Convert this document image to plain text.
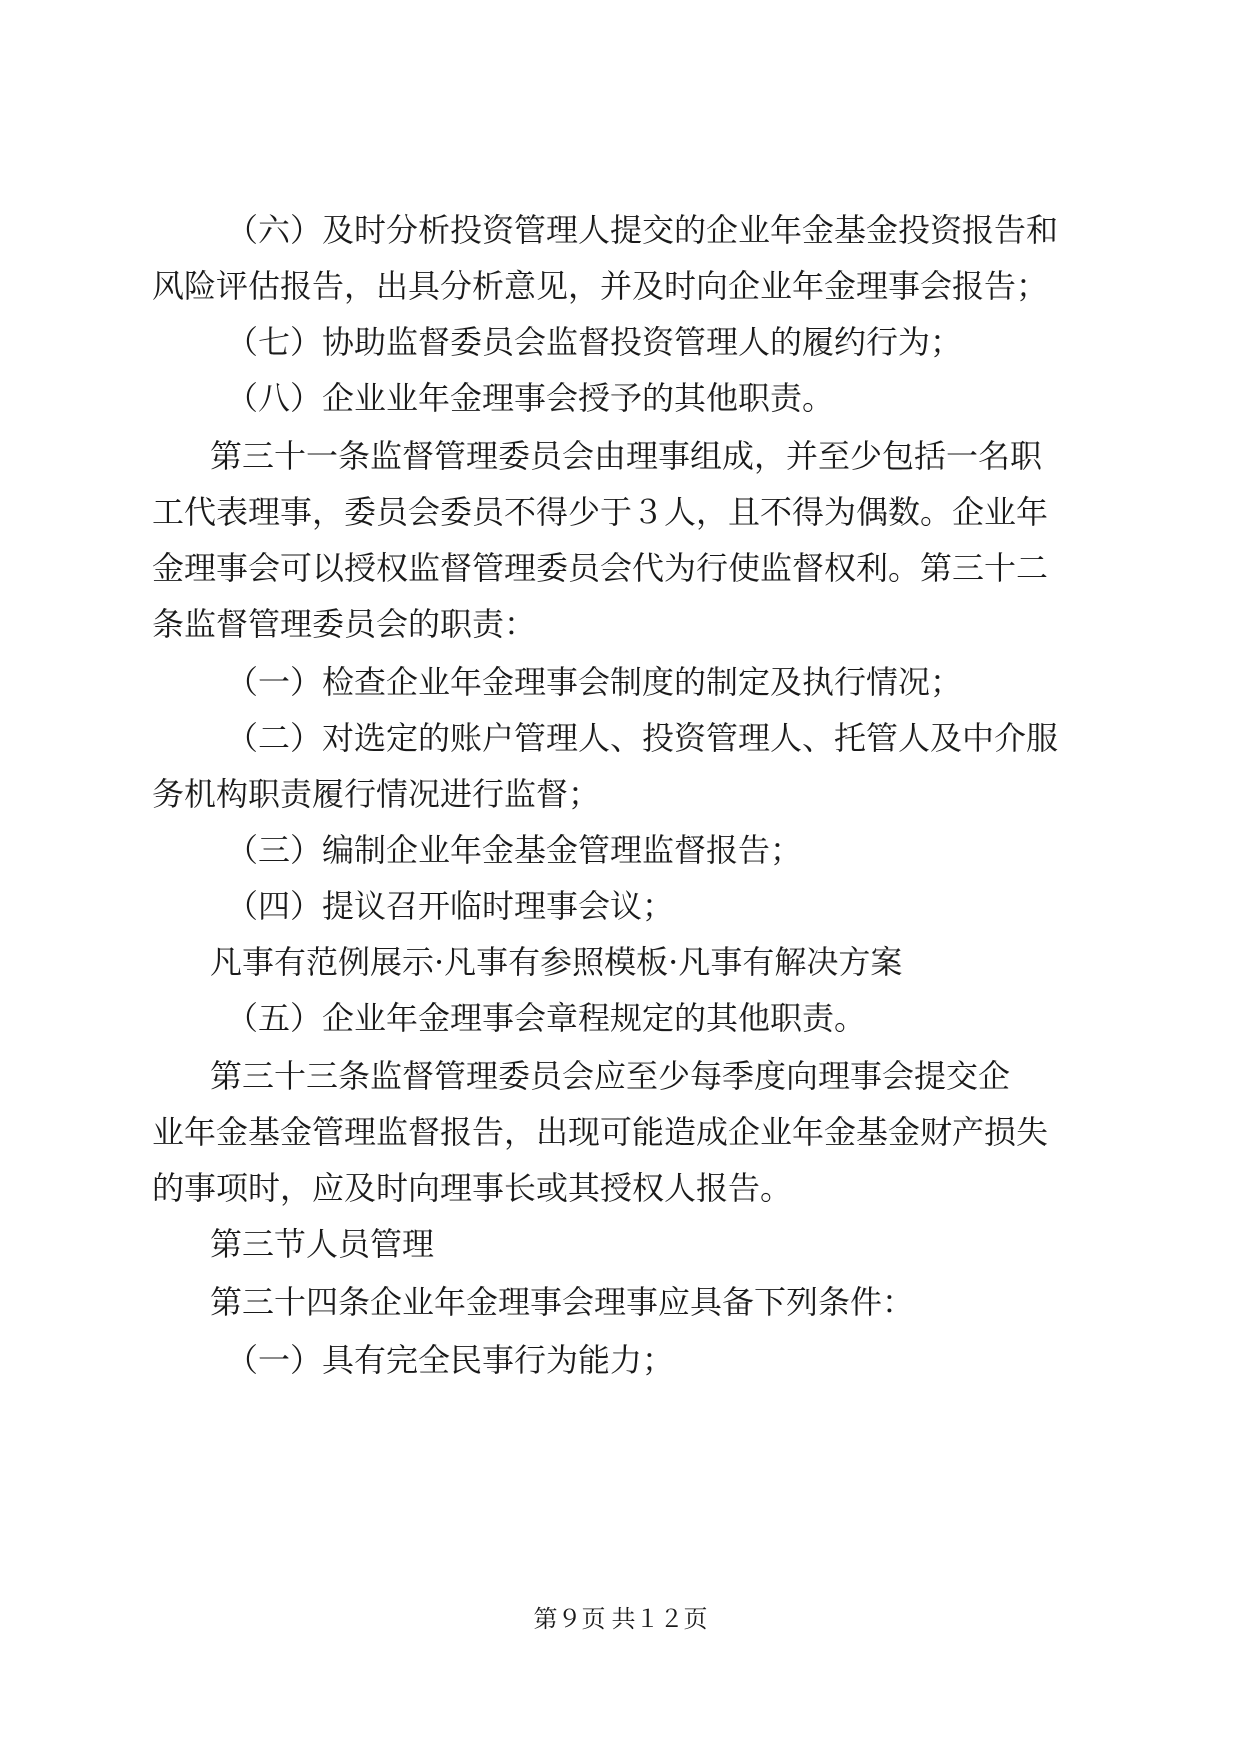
（六）及时分析投资管理人提交的企业年金基金投资报告和
风险评估报告，出具分析意见，并及时向企业年金理事会报告；
（七）协助监督委员会监督投资管理人的履约行为；
（八）企业业年金理事会授予的其他职责。
第三十一条监督管理委员会由理事组成，并至少包括一名职
工代表理事，委员会委员不得少于３人，且不得为偶数。企业年
金理事会可以授权监督管理委员会代为行使监督权利。第三十二
条监督管理委员会的职责：
（一）检查企业年金理事会制度的制定及执行情况；
（二）对选定的账户管理人、投资管理人、托管人及中介服
务机构职责履行情况进行监督；
（三）编制企业年金基金管理监督报告；
（四）提议召开临时理事会议；
凡事有范例展示·凡事有参照模板·凡事有解决方案
（五）企业年金理事会章程规定的其他职责。
第三十三条监督管理委员会应至少每季度向理事会提交企
业年金基金管理监督报告，出现可能造成企业年金基金财产损失
的事项时，应及时向理事长或其授权人报告。
第三节人员管理
第三十四条企业年金理事会理事应具备下列条件：
（一）具有完全民事行为能力；
第９页 共１２页
